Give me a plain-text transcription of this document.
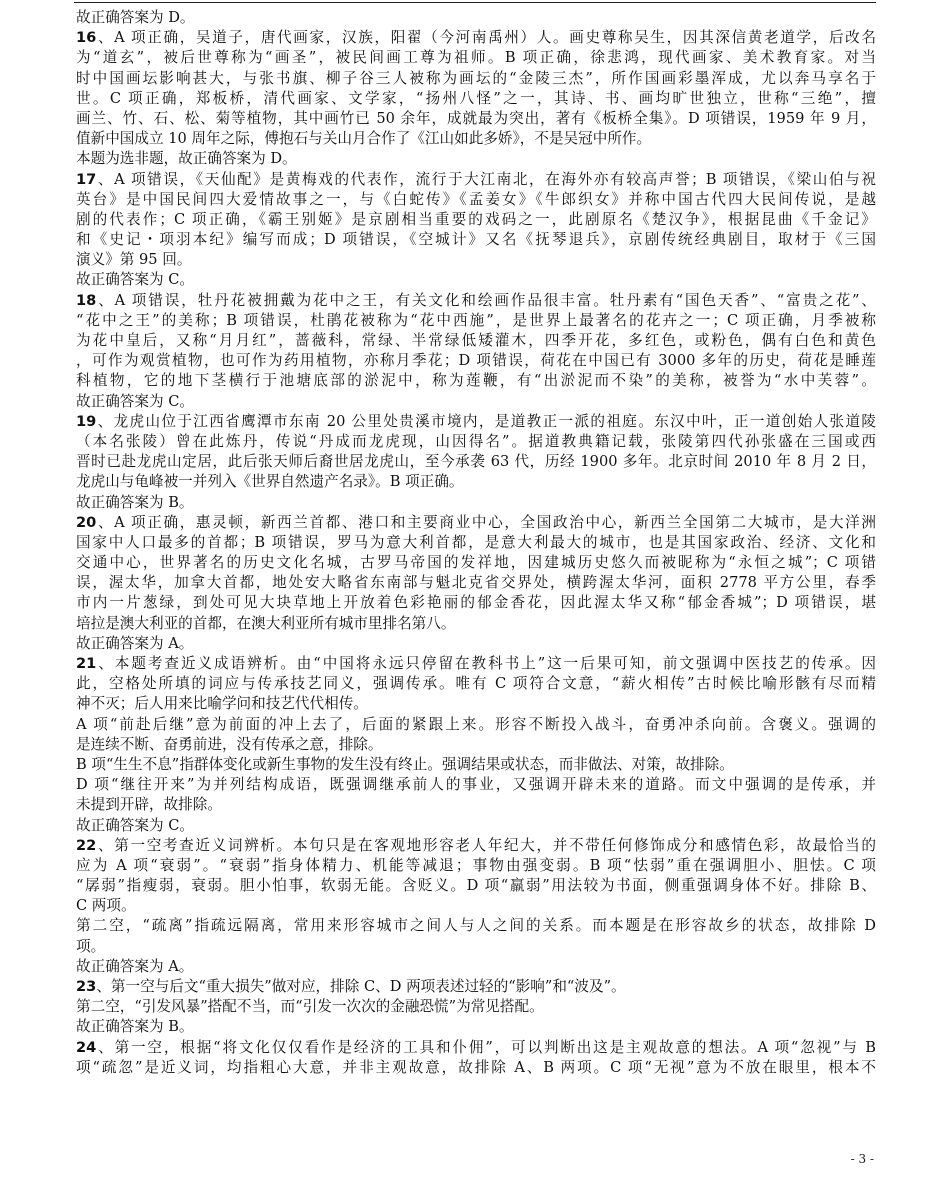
故正确答案为 D。
16、A 项正确，吴道子，唐代画家，汉族，阳翟（今河南禹州）人。画史尊称吴生，因其深信黄老道学，后改名
为“道玄”，被后世尊称为“画圣”，被民间画工尊为祖师。B 项正确，徐悲鸿，现代画家、美术教育家。对当
时中国画坛影响甚大，与张书旗、柳子谷三人被称为画坛的“金陵三杰”，所作国画彩墨浑成，尤以奔马享名于
世。C 项正确，郑板桥，清代画家、文学家，“扬州八怪”之一，其诗、书、画均旷世独立，世称“三绝”，擅
画兰、竹、石、松、菊等植物，其中画竹已 50 余年，成就最为突出，著有《板桥全集》。D 项错误，1959 年 9 月，
值新中国成立 10 周年之际，傅抱石与关山月合作了《江山如此多娇》，不是吴冠中所作。
本题为选非题，故正确答案为 D。
17、A 项错误，《天仙配》是黄梅戏的代表作，流行于大江南北，在海外亦有较高声誉；B 项错误，《梁山伯与祝
英台》是中国民间四大爱情故事之一，与《白蛇传》《孟姜女》《牛郎织女》并称中国古代四大民间传说，是越
剧的代表作；C 项正确，《霸王别姬》是京剧相当重要的戏码之一，此剧原名《楚汉争》，根据昆曲《千金记》
和《史记・项羽本纪》编写而成；D 项错误，《空城计》又名《抚琴退兵》，京剧传统经典剧目，取材于《三国
演义》第 95 回。
故正确答案为 C。
18、A 项错误，牡丹花被拥戴为花中之王，有关文化和绘画作品很丰富。牡丹素有“国色天香”、“富贵之花”、
“花中之王”的美称；B 项错误，杜鹃花被称为“花中西施”，是世界上最著名的花卉之一；C 项正确，月季被称
为花中皇后，又称“月月红”，蔷薇科，常绿、半常绿低矮灌木，四季开花，多红色，或粉色，偶有白色和黄色
，可作为观赏植物，也可作为药用植物，亦称月季花；D 项错误，荷花在中国已有 3000 多年的历史，荷花是睡莲
科植物，它的地下茎横行于池塘底部的淤泥中，称为莲鞭，有“出淤泥而不染”的美称，被誉为“水中芙蓉”。
故正确答案为 C。
19、龙虎山位于江西省鹰潭市东南 20 公里处贵溪市境内，是道教正一派的祖庭。东汉中叶，正一道创始人张道陵
（本名张陵）曾在此炼丹，传说“丹成而龙虎现，山因得名”。据道教典籍记载，张陵第四代孙张盛在三国或西
晋时已赴龙虎山定居，此后张天师后裔世居龙虎山，至今承袭 63 代，历经 1900 多年。北京时间 2010 年 8 月 2 日，
龙虎山与龟峰被一并列入《世界自然遗产名录》。B 项正确。
故正确答案为 B。
20、A 项正确，惠灵顿，新西兰首都、港口和主要商业中心，全国政治中心，新西兰全国第二大城市，是大洋洲
国家中人口最多的首都；B 项错误，罗马为意大利首都，是意大利最大的城市，也是其国家政治、经济、文化和
交通中心，世界著名的历史文化名城，古罗马帝国的发祥地，因建城历史悠久而被昵称为“永恒之城”；C 项错
误，渥太华，加拿大首都，地处安大略省东南部与魁北克省交界处，横跨渥太华河，面积 2778 平方公里，春季
市内一片葱绿，到处可见大块草地上开放着色彩艳丽的郁金香花，因此渥太华又称“郁金香城”；D 项错误，堪
培拉是澳大利亚的首都，在澳大利亚所有城市里排名第八。
故正确答案为 A。
21、本题考查近义成语辨析。由“中国将永远只停留在教科书上”这一后果可知，前文强调中医技艺的传承。因
此，空格处所填的词应与传承技艺同义，强调传承。唯有 C 项符合文意，“薪火相传”古时候比喻形骸有尽而精
神不灭；后人用来比喻学问和技艺代代相传。
A 项“前赴后继”意为前面的冲上去了，后面的紧跟上来。形容不断投入战斗，奋勇冲杀向前。含褒义。强调的
是连续不断、奋勇前进，没有传承之意，排除。
B 项“生生不息”指群体变化或新生事物的发生没有终止。强调结果或状态，而非做法、对策，故排除。
D 项“继往开来”为并列结构成语，既强调继承前人的事业，又强调开辟未来的道路。而文中强调的是传承，并
未提到开辟，故排除。
故正确答案为 C。
22、第一空考查近义词辨析。本句只是在客观地形容老人年纪大，并不带任何修饰成分和感情色彩，故最恰当的
应为 A 项“衰弱”。“衰弱”指身体精力、机能等减退；事物由强变弱。B 项“怯弱”重在强调胆小、胆怯。C 项
“孱弱”指瘦弱，衰弱。胆小怕事，软弱无能。含贬义。D 项“羸弱”用法较为书面，侧重强调身体不好。排除 B、
C 两项。
第二空，“疏离”指疏远隔离，常用来形容城市之间人与人之间的关系。而本题是在形容故乡的状态，故排除 D
项。
故正确答案为 A。
23、第一空与后文“重大损失”做对应，排除 C、D 两项表述过轻的“影响”和“波及”。
第二空，“引发风暴”搭配不当，而“引发一次次的金融恐慌”为常见搭配。
故正确答案为 B。
24、第一空，根据“将文化仅仅看作是经济的工具和仆佣”，可以判断出这是主观故意的想法。A 项“忽视”与 B
项“疏忽”是近义词，均指粗心大意，并非主观故意，故排除 A、B 两项。C 项“无视”意为不放在眼里，根本不
- 3 -
